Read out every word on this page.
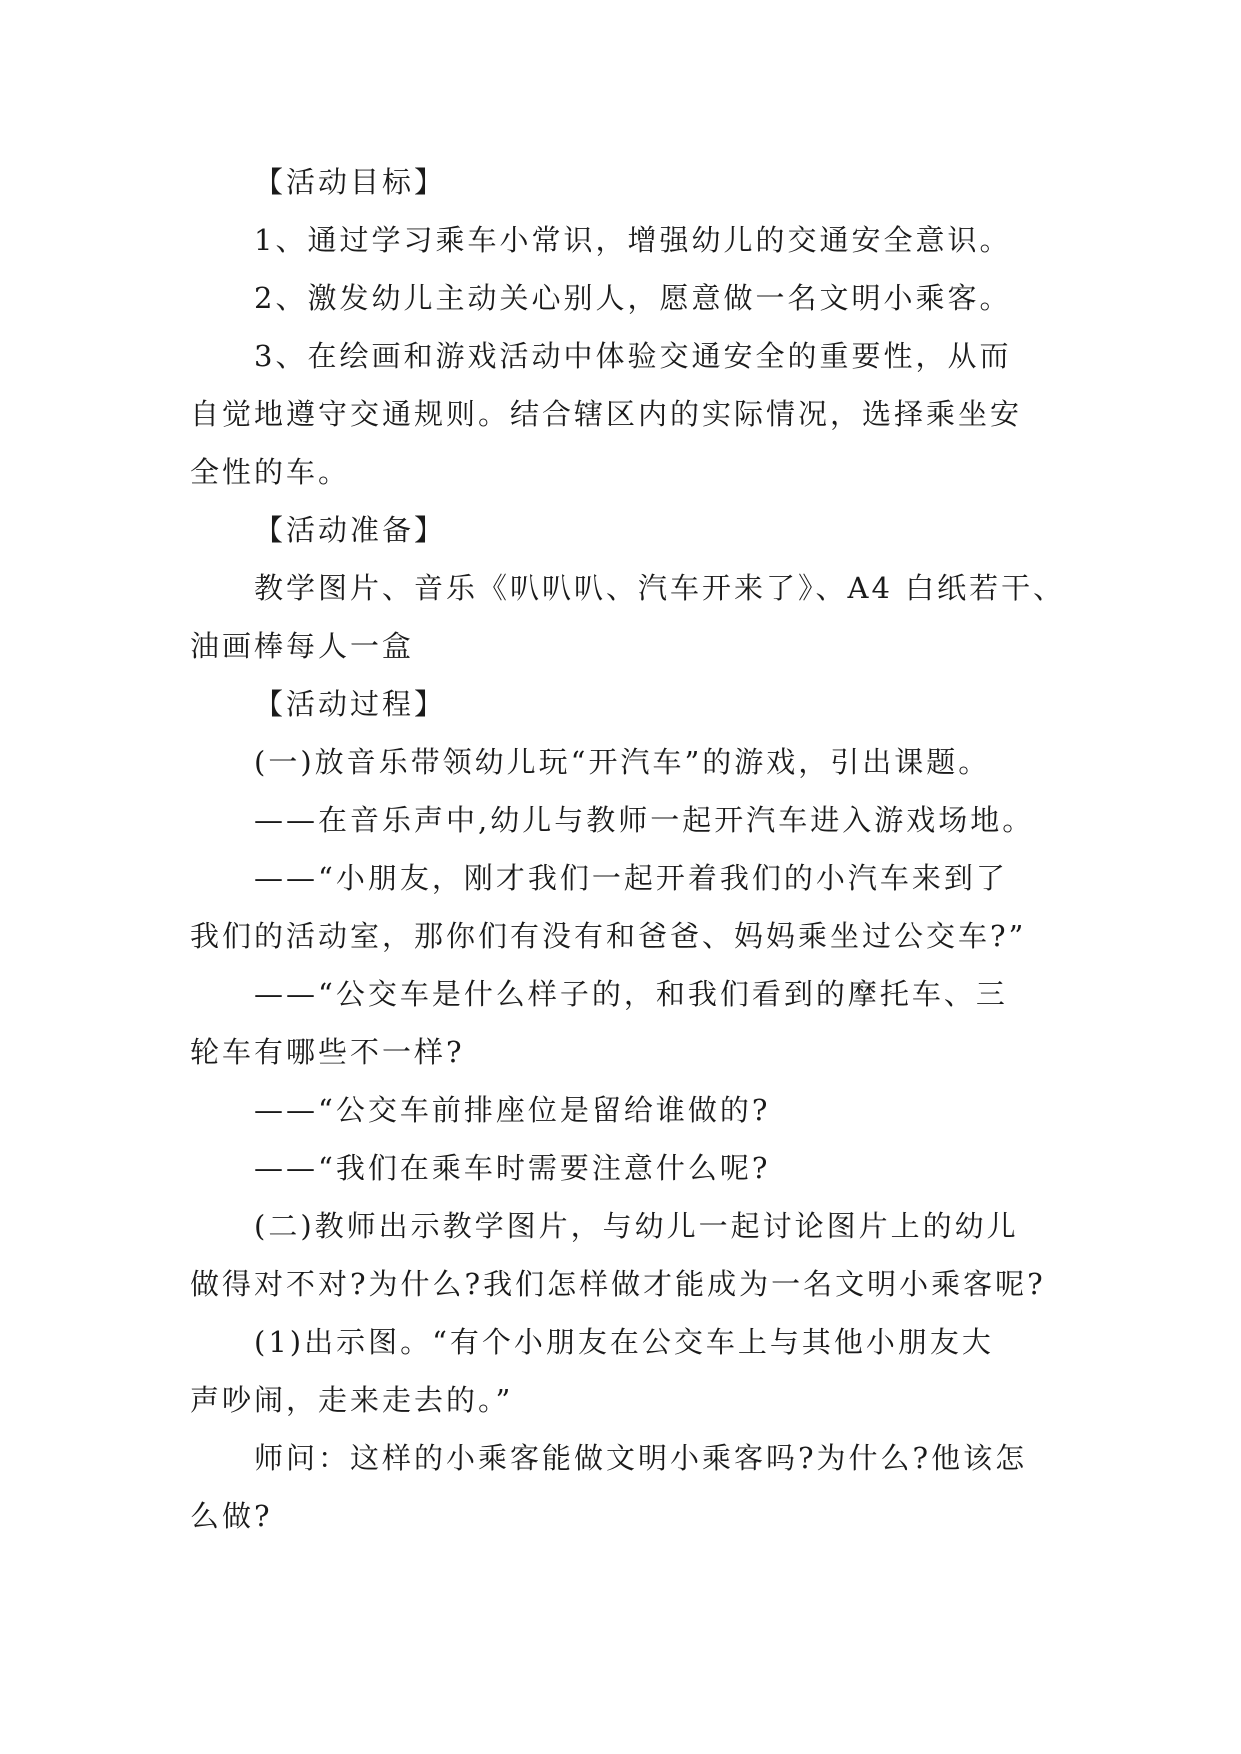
【活动目标】
1、通过学习乘车小常识，增强幼儿的交通安全意识。
2、激发幼儿主动关心别人，愿意做一名文明小乘客。
3、在绘画和游戏活动中体验交通安全的重要性，从而
自觉地遵守交通规则。结合辖区内的实际情况，选择乘坐安
全性的车。
【活动准备】
教学图片、音乐《叭叭叭、汽车开来了》、A4 白纸若干、
油画棒每人一盒
【活动过程】
(一)放音乐带领幼儿玩“开汽车”的游戏，引出课题。
——在音乐声中,幼儿与教师一起开汽车进入游戏场地。
——“小朋友，刚才我们一起开着我们的小汽车来到了
我们的活动室，那你们有没有和爸爸、妈妈乘坐过公交车?”
——“公交车是什么样子的，和我们看到的摩托车、三
轮车有哪些不一样?
——“公交车前排座位是留给谁做的?
——“我们在乘车时需要注意什么呢?
(二)教师出示教学图片，与幼儿一起讨论图片上的幼儿
做得对不对?为什么?我们怎样做才能成为一名文明小乘客呢?
(1)出示图。“有个小朋友在公交车上与其他小朋友大
声吵闹，走来走去的。”
师问：这样的小乘客能做文明小乘客吗?为什么?他该怎
么做?
